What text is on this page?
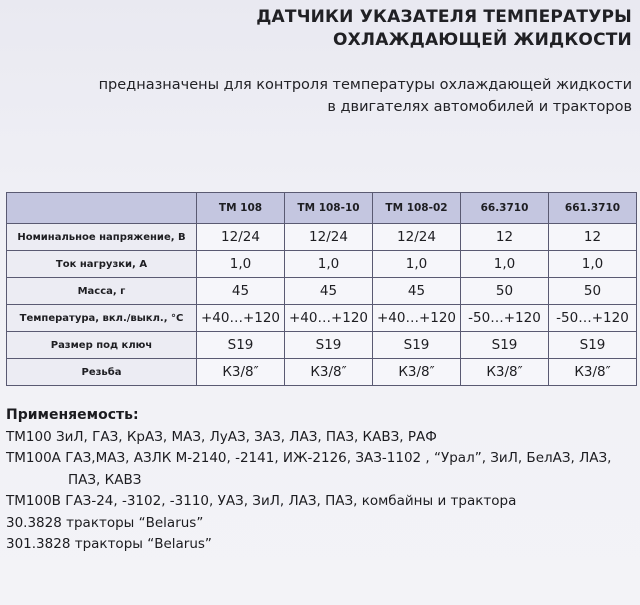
ДАТЧИКИ УКАЗАТЕЛЯ ТЕМПЕРАТУРЫ
ОХЛАЖДАЮЩЕЙ ЖИДКОСТИ
предназначены для контроля температуры охлаждающей жидкости
в двигателях автомобилей и тракторов
	ТМ 108	ТМ 108-10	ТМ 108-02	66.3710	661.3710
Номинальное напряжение, В	12/24	12/24	12/24	12	12
Ток нагрузки, А	1,0	1,0	1,0	1,0	1,0
Масса, г	45	45	45	50	50
Температура, вкл./выкл., °С	+40…+120	+40…+120	+40…+120	-50…+120	-50…+120
Размер под ключ	S19	S19	S19	S19	S19
Резьба	К3/8″	К3/8″	К3/8″	К3/8″	К3/8″
Применяемость:
ТМ100 ЗиЛ, ГАЗ, КрАЗ, МАЗ, ЛуАЗ, ЗАЗ, ЛАЗ, ПАЗ, КАВЗ, РАФ
ТМ100А ГАЗ,МАЗ, АЗЛК М-2140, -2141, ИЖ-2126, ЗАЗ-1102 , “Урал”, ЗиЛ, БелАЗ, ЛАЗ,
ПАЗ, КАВЗ
ТМ100В ГАЗ-24, -3102, -3110, УАЗ, ЗиЛ, ЛАЗ, ПАЗ, комбайны и трактора
30.3828 тракторы “Belarus”
301.3828 тракторы “Belarus”
